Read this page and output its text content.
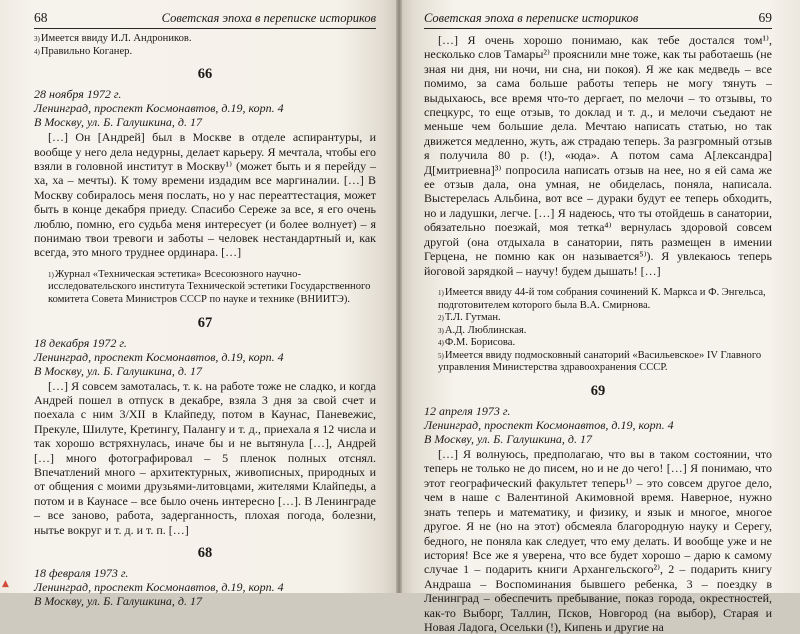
68	Советская эпоха в переписке историков
$^{3)}$Имеется ввиду И.Л. Андроников.
$^{4)}$Правильно Коганер.
66
28 ноября 1972 г.
Ленинград, проспект Космонавтов, д.19, корп. 4
В Москву, ул. Б. Галушкина, д. 17

[…] Он [Андрей] был в Москве в отделе аспирантуры, и вообще у него дела недурны, делает карьеру. Я мечтала, чтобы его взяли в головной институт в Москву¹⁾ (может быть и я перейду – ха, ха – мечты). К тому времени издадим все маргиналии. […] В Москву собиралось меня послать, но у нас переаттестация, может быть в конце декабря приеду. Спасибо Сереже за все, я его очень люблю, помню, его судьба меня интересует (и более волнует) – я понимаю твои тревоги и заботы – человек нестандартный и, как всегда, это много труднее ординара. […]

$^{1)}$Журнал «Техническая эстетика» Всесоюзного научно-исследовательского института Технической эстетики Государственного комитета Совета Министров СССР по науке и технике (ВНИИТЭ).
67
18 декабря 1972 г.
Ленинград, проспект Космонавтов, д.19, корп. 4
В Москву, ул. Б. Галушкина, д. 17

[…] Я совсем замоталась, т. к. на работе тоже не сладко, и когда Андрей пошел в отпуск в декабре, взяла 3 дня за свой счет и поехала с ним 3/XII в Клайпеду, потом в Каунас, Паневежис, Прекуле, Шилуте, Кретингу, Палангу и т. д., приехала я 12 числа и так хорошо встряхнулась, иначе бы и не вытянула […], Андрей […] много фотографировал – 5 пленок полных отснял. Впечатлений много – архитектурных, живописных, природных и от общения с моими друзьями-литовцами, жителями Клайпеды, а потом и в Каунасе – все было очень интересно […]. В Ленинграде – все заново, работа, задерганность, плохая погода, болезни, нытье вокруг и т. д. и т. п. […]

68
18 февраля 1973 г.
Ленинград, проспект Космонавтов, д.19, корп. 4
В Москву, ул. Б. Галушкина, д. 17
▲
Советская эпоха в переписке историков	69

[…] Я очень хорошо понимаю, как тебе достался том¹⁾, несколько слов Тамары²⁾ прояснили мне тоже, как ты работаешь (не зная ни дня, ни ночи, ни сна, ни покоя). Я же как медведь – все помимо, за сама больше работы теперь не могу тянуть – выдыхаюсь, все время что-то дергает, по мелочи – то отзывы, то спецкурс, то еще отзыв, то доклад и т. д., и мелочи съедают не меньше чем большие дела. Мечтаю написать статью, но так движется медленно, жуть, аж страдаю теперь. За разгромный отзыв я получила 80 р. (!), «юда». А потом сама А[лександра] Д[митриевна]³⁾ попросила написать отзыв на нее, но я ей сама же ее отзыв дала, она умная, не обиделась, поняла, написала. Выстерелась Альбина, вот все – дураки будут ее теперь обходить, но и ладушки, легче. […] Я надеюсь, что ты отойдешь в санатории, обязательно поезжай, моя тетка⁴⁾ вернулась здоровой совсем другой (она отдыхала в санатории, пять размещен в имении Герцена, не помню как он называется⁵⁾). Я увлекаюсь теперь йоговой зарядкой – научу! будем дышать! […]

$^{1)}$Имеется ввиду 44-й том собрания сочинений К. Маркса и Ф. Энгельса, подготовителем которого была В.А. Смирнова.
$^{2)}$Т.Л. Гутман.
$^{3)}$А.Д. Люблинская.
$^{4)}$Ф.М. Борисова.
$^{5)}$Имеется ввиду подмосковный санаторий «Васильевское» IV Главного управления Министерства здравоохранения СССР.
69
12 апреля 1973 г.
Ленинград, проспект Космонавтов, д.19, корп. 4
В Москву, ул. Б. Галушкина, д. 17

[…] Я волнуюсь, предполагаю, что вы в таком состоянии, что теперь не только не до писем, но и не до чего! […] Я понимаю, что этот географический факультет теперь¹⁾ – это совсем другое дело, чем в наше с Валентиной Акимовной время. Наверное, нужно знать теперь и математику, и физику, и язык и многое, многое другое. Я не (но на этот) обсмеяла благородную науку и Серегу, бедного, не поняла как следует, что ему делать. И вообще уже и не история! Все же я уверена, что все будет хорошо – дарю к самому случае 1 – подарить книги Архангельского²⁾, 2 – подарить книгу Андраша – Воспоминания бывшего ребенка, 3 – поездку в Ленинград – обеспечить пребывание, показ города, окрестностей, как-то Выборг, Таллин, Псков, Новгород (на выбор), Старая и Новая Ладога, Осельки (!), Кипень и другие на
